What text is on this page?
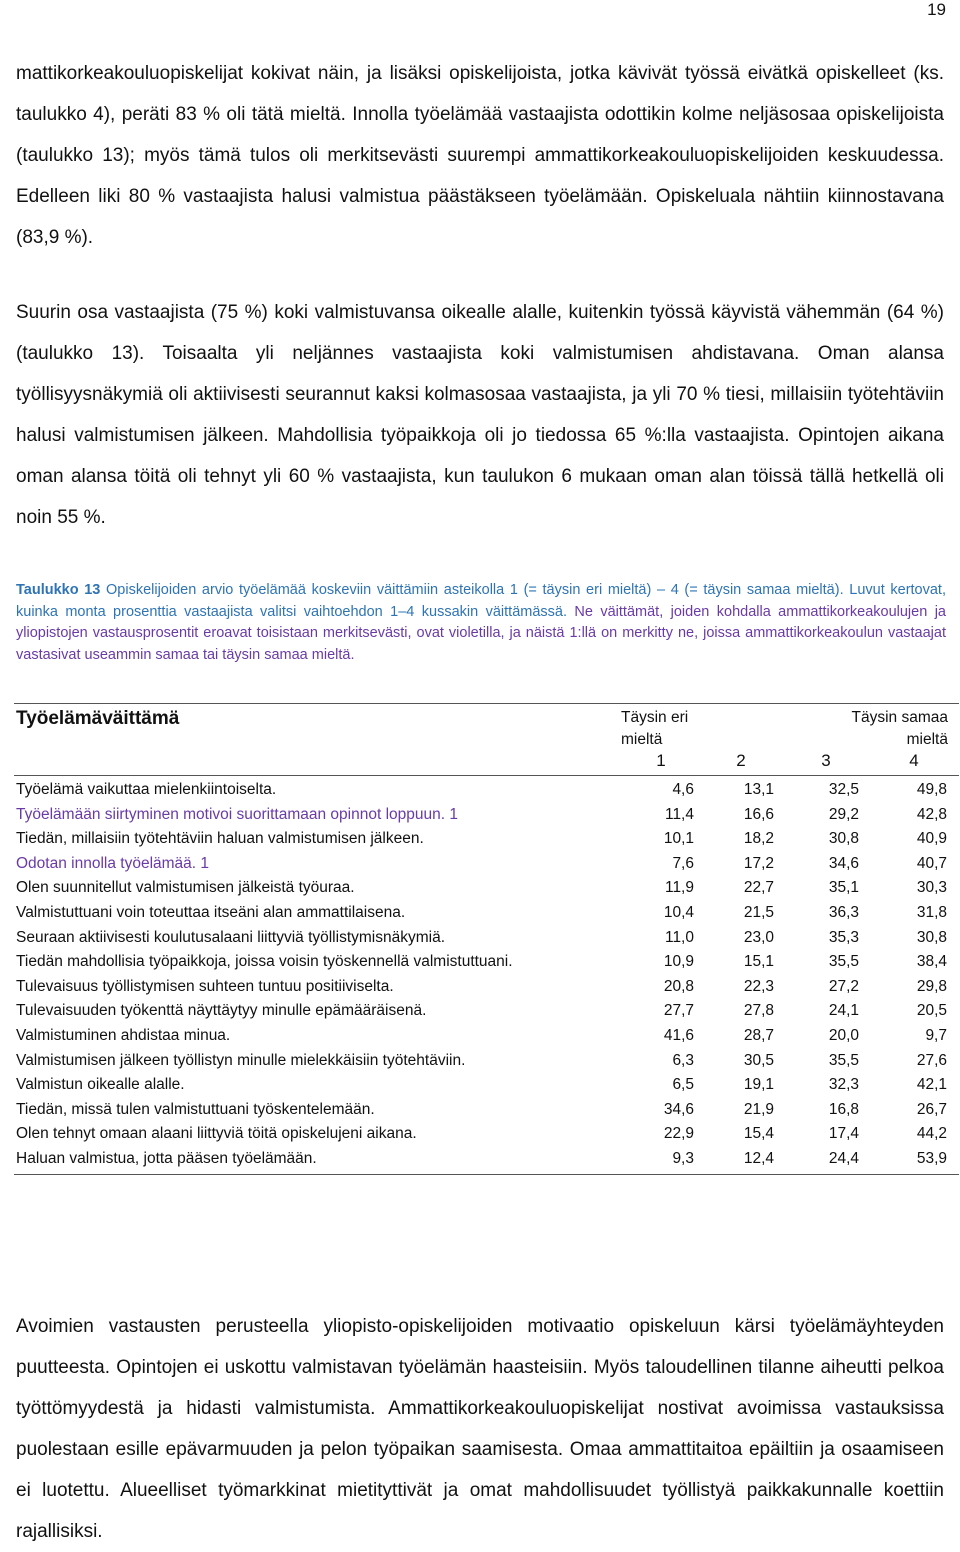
19

mattikorkeakouluopiskelijat kokivat näin, ja lisäksi opiskelijoista, jotka kävivät työssä eivätkä opiskelleet (ks. taulukko 4), peräti 83 % oli tätä mieltä. Innolla työelämää vastaajista odottikin kolme neljäsosaa opiskelijoista (taulukko 13); myös tämä tulos oli merkitsevästi suurempi ammattikorkeakouluopiskelijoiden keskuudessa. Edelleen liki 80 % vastaajista halusi valmistua päästäkseen työelämään. Opiskeluala nähtiin kiinnostavana (83,9 %).

Suurin osa vastaajista (75 %) koki valmistuvansa oikealle alalle, kuitenkin työssä käyvistä vähemmän (64 %) (taulukko 13). Toisaalta yli neljännes vastaajista koki valmistumisen ahdistavana. Oman alansa työllisyysnäkymiä oli aktiivisesti seurannut kaksi kolmasosaa vastaajista, ja yli 70 % tiesi, millaisiin työtehtäviin halusi valmistumisen jälkeen. Mahdollisia työpaikkoja oli jo tiedossa 65 %:lla vastaajista. Opintojen aikana oman alansa töitä oli tehnyt yli 60 % vastaajista, kun taulukon 6 mukaan oman alan töissä tällä hetkellä oli noin 55 %.

Taulukko 13 Opiskelijoiden arvio työelämää koskeviin väittämiin asteikolla 1 (= täysin eri mieltä) – 4 (= täysin samaa mieltä). Luvut kertovat, kuinka monta prosenttia vastaajista valitsi vaihtoehdon 1–4 kussakin väittämässä. Ne väittämät, joiden kohdalla ammattikorkeakoulujen ja yliopistojen vastausprosentit eroavat toisistaan merkitsevästi, ovat violetilla, ja näistä 1:llä on merkitty ne, joissa ammattikorkeakoulun vastaajat vastasivat useammin samaa tai täysin samaa mieltä.

Työelämäväittämä	Täysin eri
mieltä
Täysin samaa
mieltä
1	2	3	4
Työelämä vaikuttaa mielenkiintoiselta.	4,6	13,1	32,5	49,8
Työelämään siirtyminen motivoi suorittamaan opinnot loppuun. 1	11,4	16,6	29,2	42,8
Tiedän, millaisiin työtehtäviin haluan valmistumisen jälkeen.	10,1	18,2	30,8	40,9
Odotan innolla työelämää. 1	7,6	17,2	34,6	40,7
Olen suunnitellut valmistumisen jälkeistä työuraa.	11,9	22,7	35,1	30,3
Valmistuttuani voin toteuttaa itseäni alan ammattilaisena.	10,4	21,5	36,3	31,8
Seuraan aktiivisesti koulutusalaani liittyviä työllistymisnäkymiä.	11,0	23,0	35,3	30,8
Tiedän mahdollisia työpaikkoja, joissa voisin työskennellä valmistuttuani.	10,9	15,1	35,5	38,4
Tulevaisuus työllistymisen suhteen tuntuu positiiviselta.	20,8	22,3	27,2	29,8
Tulevaisuuden työkenttä näyttäytyy minulle epämääräisenä.	27,7	27,8	24,1	20,5
Valmistuminen ahdistaa minua.	41,6	28,7	20,0	9,7
Valmistumisen jälkeen työllistyn minulle mielekkäisiin työtehtäviin.	6,3	30,5	35,5	27,6
Valmistun oikealle alalle.	6,5	19,1	32,3	42,1
Tiedän, missä tulen valmistuttuani työskentelemään.	34,6	21,9	16,8	26,7
Olen tehnyt omaan alaani liittyviä töitä opiskelujeni aikana.	22,9	15,4	17,4	44,2
Haluan valmistua, jotta pääsen työelämään.	9,3	12,4	24,4	53,9

Avoimien vastausten perusteella yliopisto-opiskelijoiden motivaatio opiskeluun kärsi työelämäyhteyden puutteesta. Opintojen ei uskottu valmistavan työelämän haasteisiin. Myös taloudellinen tilanne aiheutti pelkoa työttömyydestä ja hidasti valmistumista. Ammattikorkeakouluopiskelijat nostivat avoimissa vastauksissa puolestaan esille epävarmuuden ja pelon työpaikan saamisesta. Omaa ammattitaitoa epäiltiin ja osaamiseen ei luotettu. Alueelliset työmarkkinat mietityttivät ja omat mahdollisuudet työllistyä paikkakunnalle koettiin rajallisiksi.
